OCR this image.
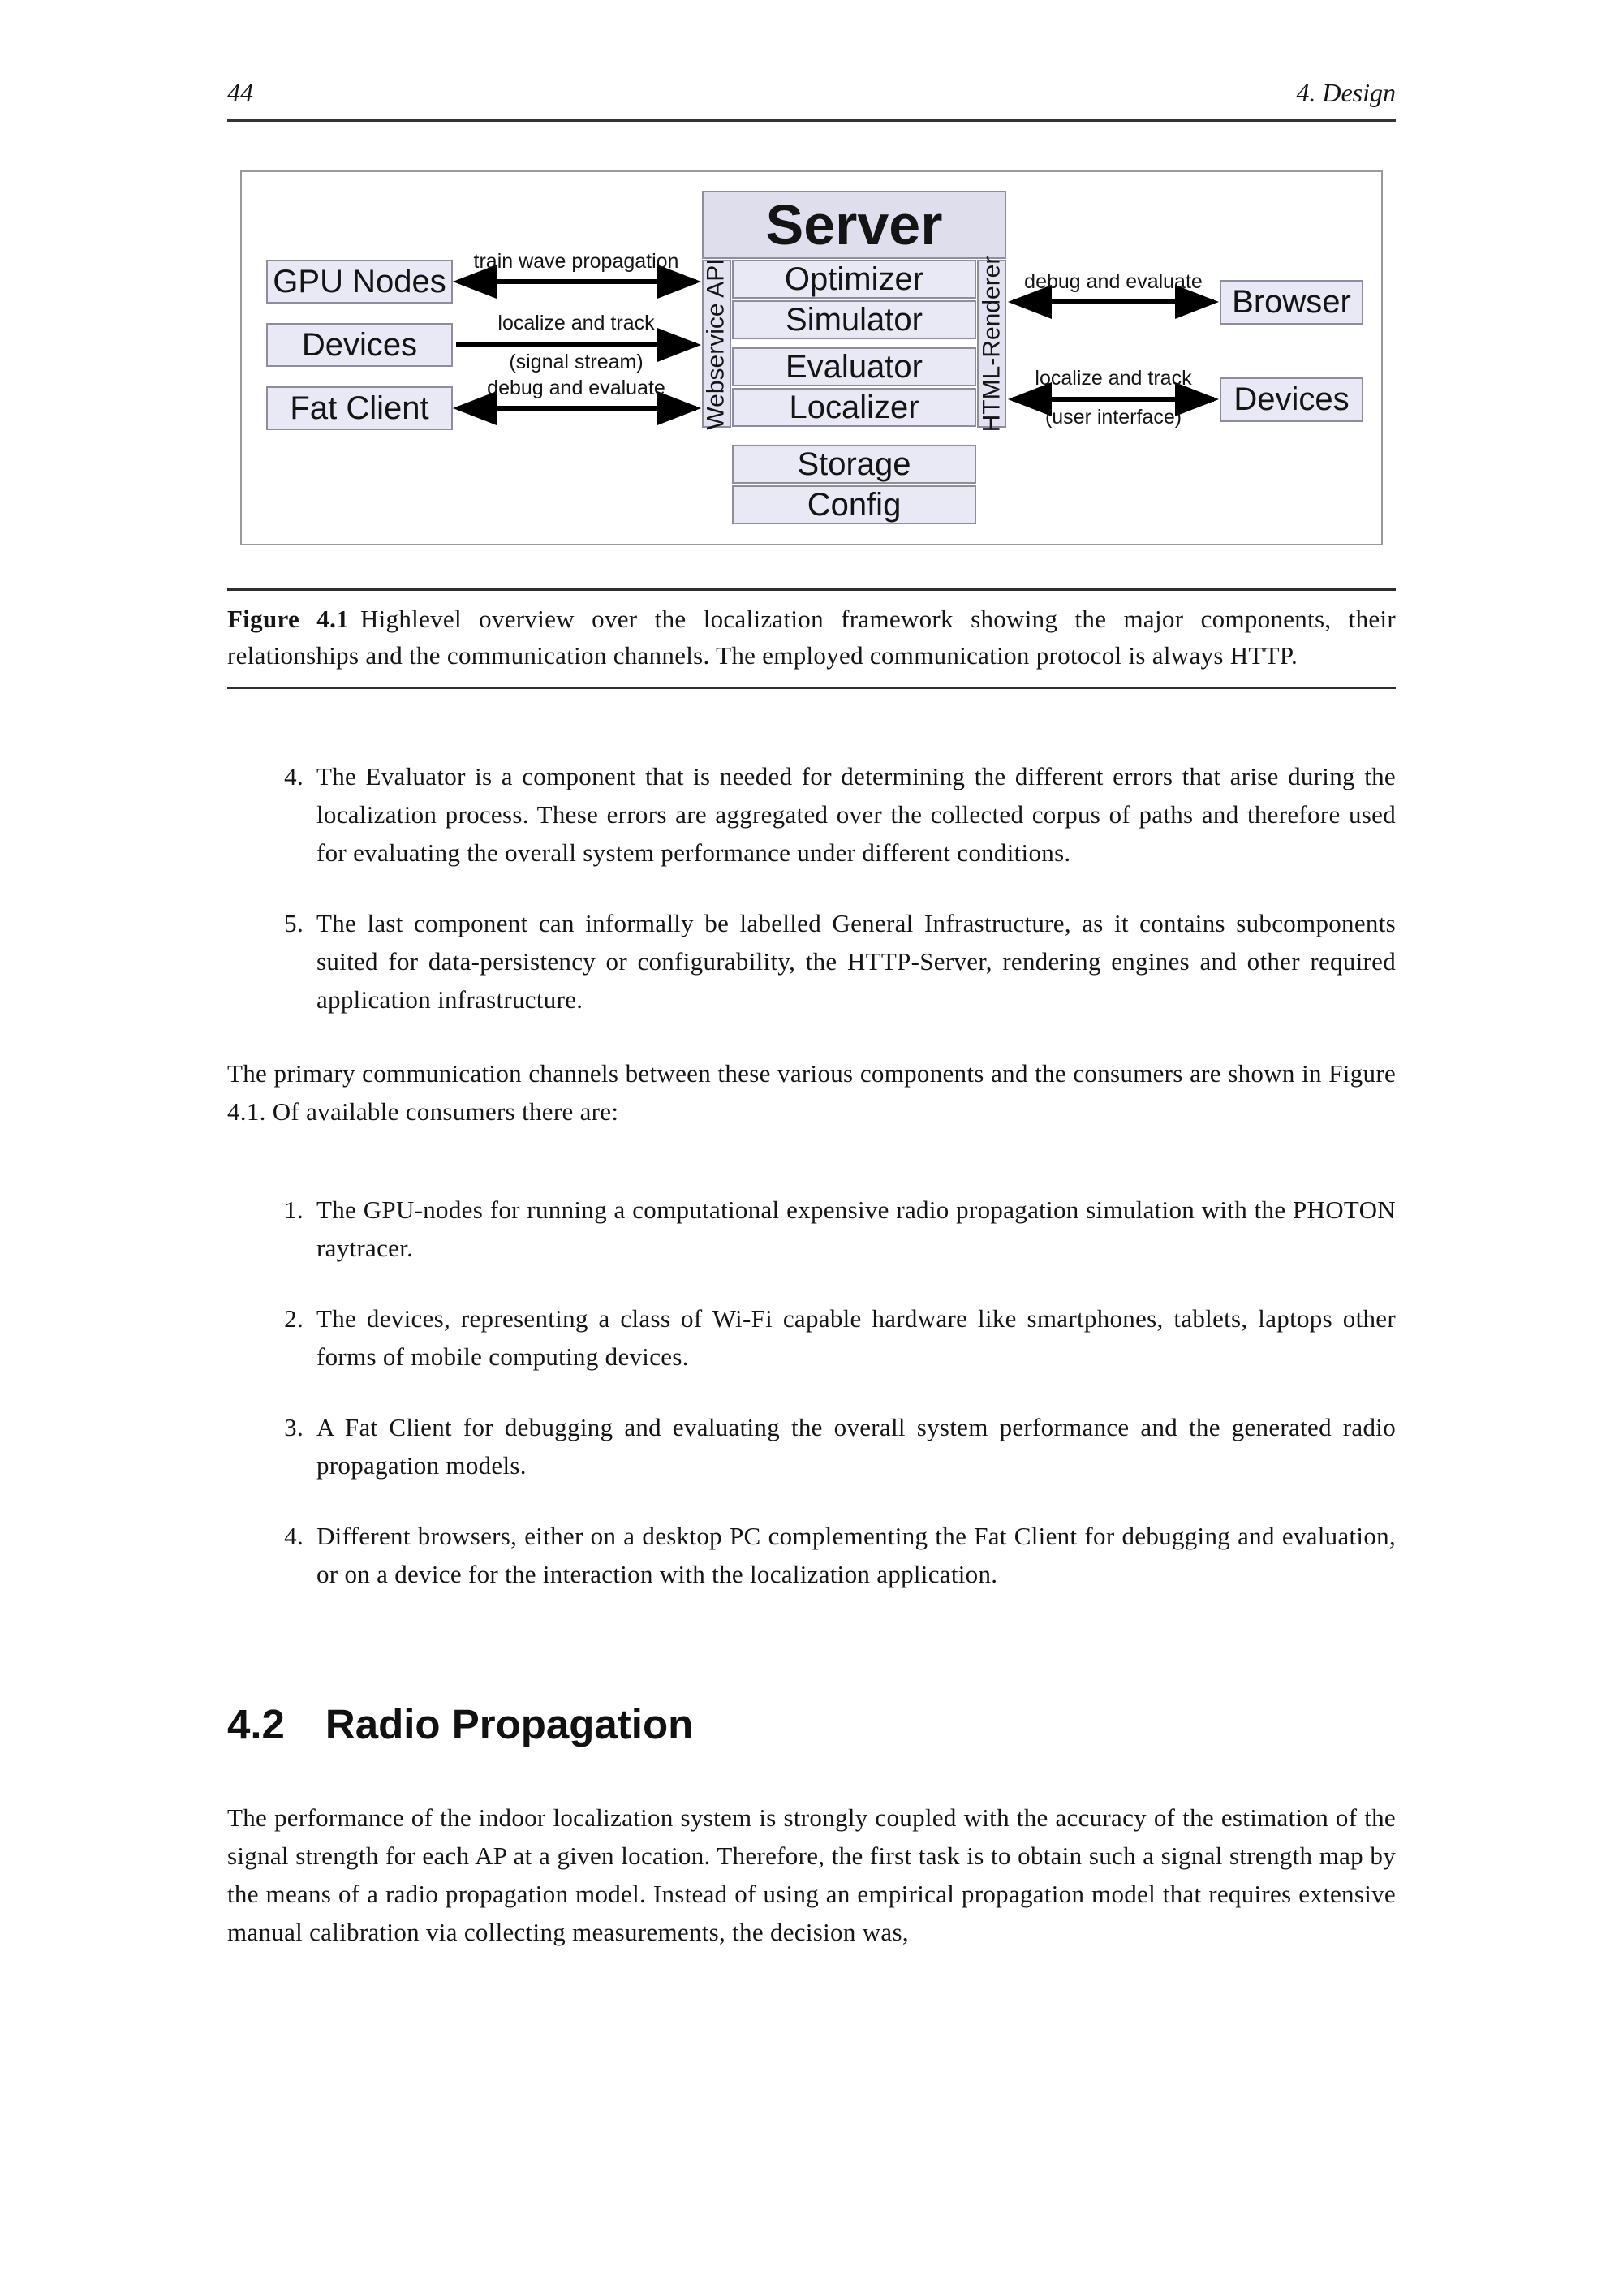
44	4. Design
GPU Nodes
Devices
Fat Client
Server
Webservice API Optimizer
Simulator
Evaluator
Localizer
Storage
Config
HTML-Renderer	Browser
Devices
train wave propagation
localize and track
(signal stream)
debug and evaluate
debug and evaluate
localize and track
(user interface)
Figure 4.1 Highlevel overview over the localization framework showing the major components, their relationships and the communication channels. The employed communication protocol is always HTTP.
4. The Evaluator is a component that is needed for determining the different errors that arise during the localization process. These errors are aggregated over the collected corpus of paths and therefore used for evaluating the overall system performance under different conditions.
5. The last component can informally be labelled General Infrastructure, as it contains subcomponents suited for data-persistency or configurability, the HTTP-Server, rendering engines and other required application infrastructure.

The primary communication channels between these various components and the consumers are shown in Figure 4.1. Of available consumers there are:

1. The GPU-nodes for running a computational expensive radio propagation simulation with the PHOTON raytracer.
2. The devices, representing a class of Wi-Fi capable hardware like smartphones, tablets, laptops other forms of mobile computing devices.
3. A Fat Client for debugging and evaluating the overall system performance and the generated radio propagation models.
4. Different browsers, either on a desktop PC complementing the Fat Client for debugging and evaluation, or on a device for the interaction with the localization application.
4.2 Radio Propagation

The performance of the indoor localization system is strongly coupled with the accuracy of the estimation of the signal strength for each AP at a given location. Therefore, the first task is to obtain such a signal strength map by the means of a radio propagation model. Instead of using an empirical propagation model that requires extensive manual calibration via collecting measurements, the decision was,
